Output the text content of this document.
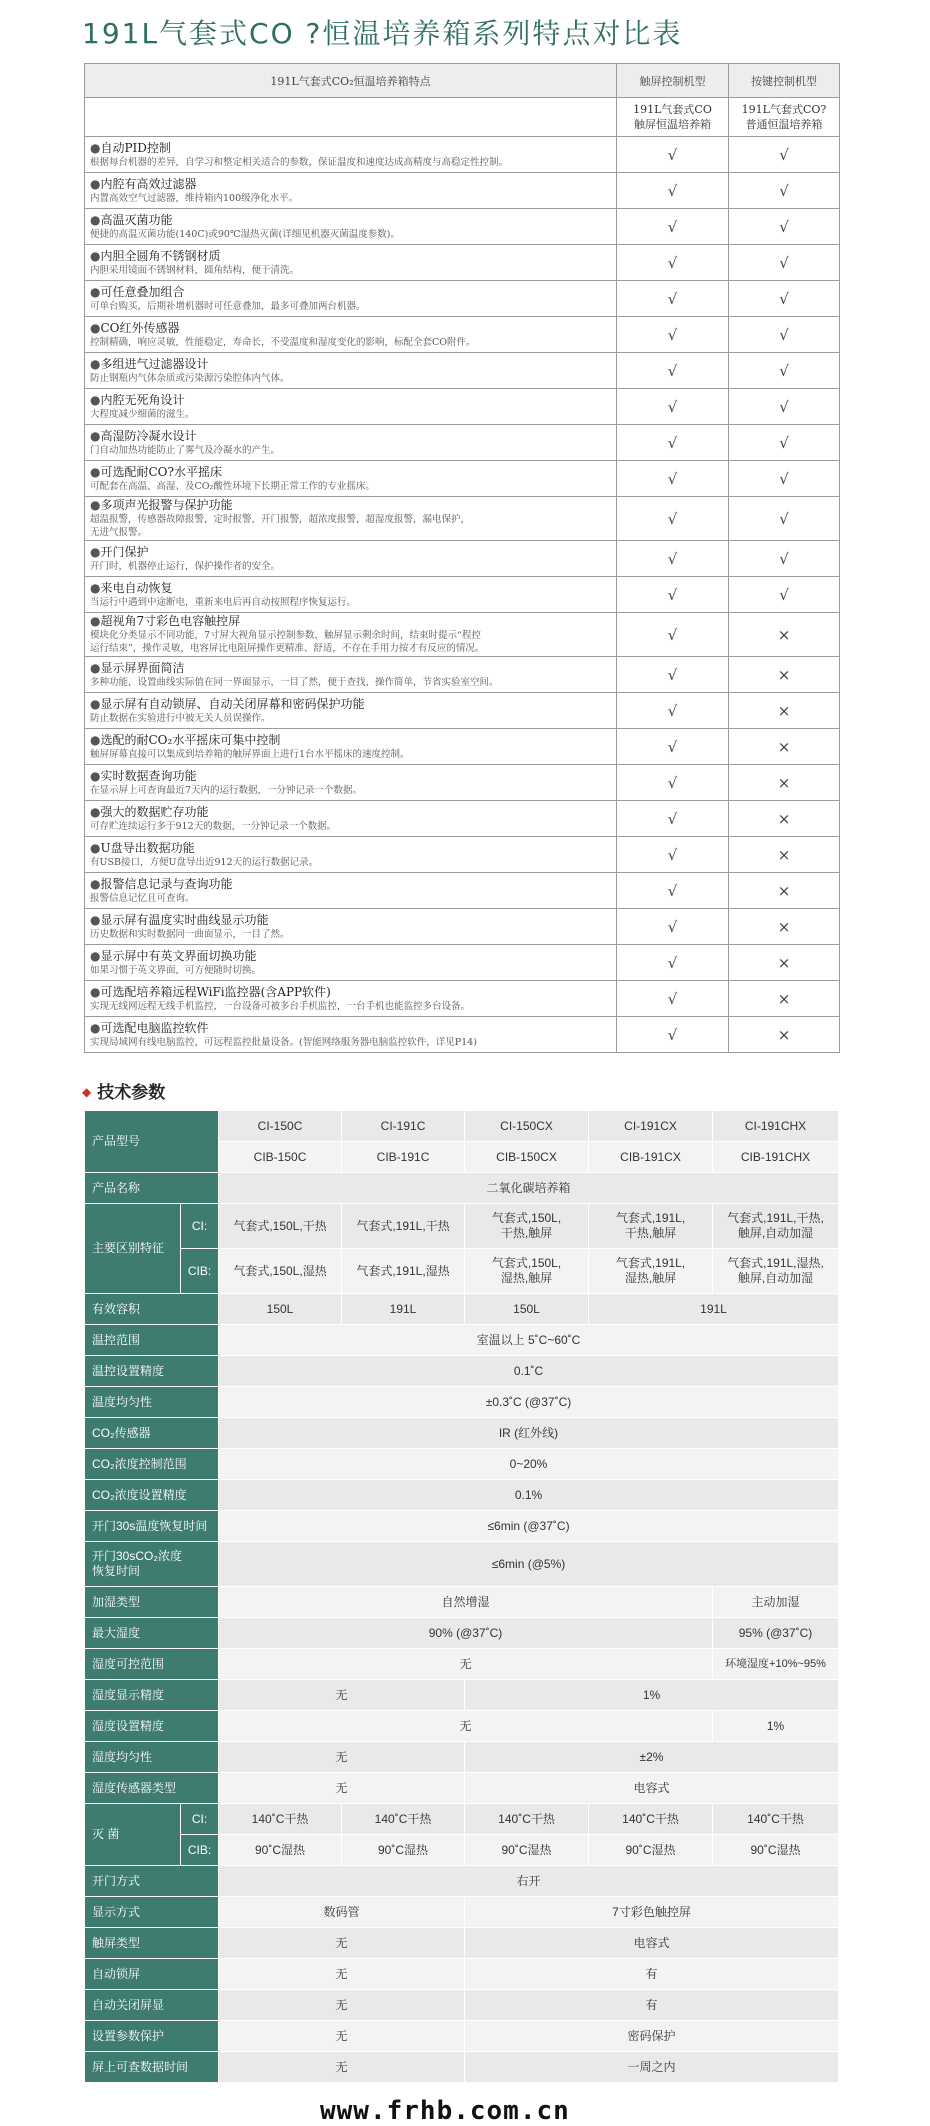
191L气套式CO ?恒温培养箱系列特点对比表
191L气套式CO₂恒温培养箱特点	触屏控制机型	按键控制机型
	191L气套式CO
触屏恒温培养箱	191L气套式CO?
普通恒温培养箱

●自动PID控制
根据每台机器的差异，自学习和整定相关适合的参数，保证温度和速度达成高精度与高稳定性控制。	√	√

●内腔有高效过滤器
内置高效空气过滤器，维持箱内100级净化水平。	√	√

●高温灭菌功能
便捷的高温灭菌功能(140C)或90℃湿热灭菌(详细见机器灭菌温度参数)。	√	√

●内胆全圆角不锈钢材质
内胆采用镜面不锈钢材料，圆角结构，便于清洗。	√	√

●可任意叠加组合
可单台购买，后期补增机器时可任意叠加，最多可叠加两台机器。	√	√

●CO红外传感器
控制精确，响应灵敏，性能稳定，寿命长，不受温度和湿度变化的影响，标配全套CO附件。	√	√

●多组进气过滤器设计
防止钢瓶内气体杂质或污染源污染腔体内气体。	√	√

●内腔无死角设计
大程度减少细菌的滋生。	√	√

●高湿防冷凝水设计
门自动加热功能防止了雾气及冷凝水的产生。	√	√

●可选配耐CO?水平摇床
可配套在高温、高湿、及CO₂酸性环境下长期正常工作的专业摇床。	√	√

●多项声光报警与保护功能
超温报警，传感器故障报警，定时报警，开门报警，超浓度报警，超湿度报警，漏电保护，
无进气报警。	√	√

●开门保护
开门时，机器停止运行，保护操作者的安全。	√	√

●来电自动恢复
当运行中遇到中途断电，重新来电后再自动按照程序恢复运行。	√	√

●超视角7寸彩色电容触控屏
模块化分类显示不同功能，7寸屏大视角显示控制参数，触屏显示剩余时间，结束时提示“程控
运行结束”，操作灵敏，电容屏比电阻屏操作更精准、舒适，不存在手用力按才有反应的情况。	√	×

●显示屏界面简洁
多种功能，设置曲线实际值在同一界面显示，一目了然，便于查找，操作简单，节省实验室空间。	√	×

●显示屏有自动锁屏、自动关闭屏幕和密码保护功能
防止数据在实验进行中被无关人员误操作。	√	×

●选配的耐CO₂水平摇床可集中控制
触屏屏幕直接可以集成到培养箱的触屏界面上进行1台水平摇床的速度控制。	√	×

●实时数据查询功能
在显示屏上可查询最近7天内的运行数据，一分钟记录一个数据。	√	×

●强大的数据贮存功能
可存贮连续运行多于912天的数据，一分钟记录一个数据。	√	×

●U盘导出数据功能
有USB接口，方便U盘导出近912天的运行数据记录。	√	×

●报警信息记录与查询功能
报警信息记忆且可查询。	√	×

●显示屏有温度实时曲线显示功能
历史数据和实时数据同一曲面显示，一目了然。	√	×

●显示屏中有英文界面切换功能
如果习惯于英文界面，可方便随时切换。	√	×

●可选配培养箱远程WiFi监控器(含APP软件)
实现无线网远程无线手机监控，一台设备可被多台手机监控，一台手机也能监控多台设备。	√	×

●可选配电脑监控软件
实现局域网有线电脑监控，可远程监控批量设备。(智能网络服务器电脑监控软件，详见P14)	√	×
◆ 技术参数
产品型号		CI-150C	CI-191C	CI-150CX	CI-191CX	CI-191CHX
		CIB-150C	CIB-191C	CIB-150CX	CIB-191CX	CIB-191CHX
产品名称		二氧化碳培养箱				
主要区别特征	CI:	气套式,150L,干热	气套式,191L,干热	气套式,150L,
干热,触屏	气套式,191L,
干热,触屏	气套式,191L,干热,
触屏,自动加湿
	CIB:	气套式,150L,湿热	气套式,191L,湿热	气套式,150L,
湿热,触屏	气套式,191L,
湿热,触屏	气套式,191L,湿热,
触屏,自动加湿
有效容积		150L	191L	150L	191L	
温控范围		室温以上 5˚C~60˚C				
温控设置精度		0.1˚C				
温度均匀性		±0.3˚C (@37˚C)				
CO₂传感器		IR (红外线)				
CO₂浓度控制范围		0~20%				
CO₂浓度设置精度		0.1%				
开门30s温度恢复时间		≤6min (@37˚C)				
开门30sCO₂浓度
恢复时间		≤6min (@5%)				
加湿类型		自然增湿				主动加湿
最大湿度		90% (@37˚C)				95% (@37˚C)
湿度可控范围		无				环境湿度+10%~95%
湿度显示精度		无		1%		
湿度设置精度		无				1%
湿度均匀性		无		±2%		
湿度传感器类型		无		电容式		
灭 菌	CI:	140˚C干热	140˚C干热	140˚C干热	140˚C干热	140˚C干热
	CIB:	90˚C湿热	90˚C湿热	90˚C湿热	90˚C湿热	90˚C湿热
开门方式		右开				
显示方式		数码管		7寸彩色触控屏		
触屏类型		无		电容式		
自动锁屏		无		有		
自动关闭屏显		无		有		
设置参数保护		无		密码保护		
屏上可查数据时间		无		一周之内		
www.frhb.com.cn
